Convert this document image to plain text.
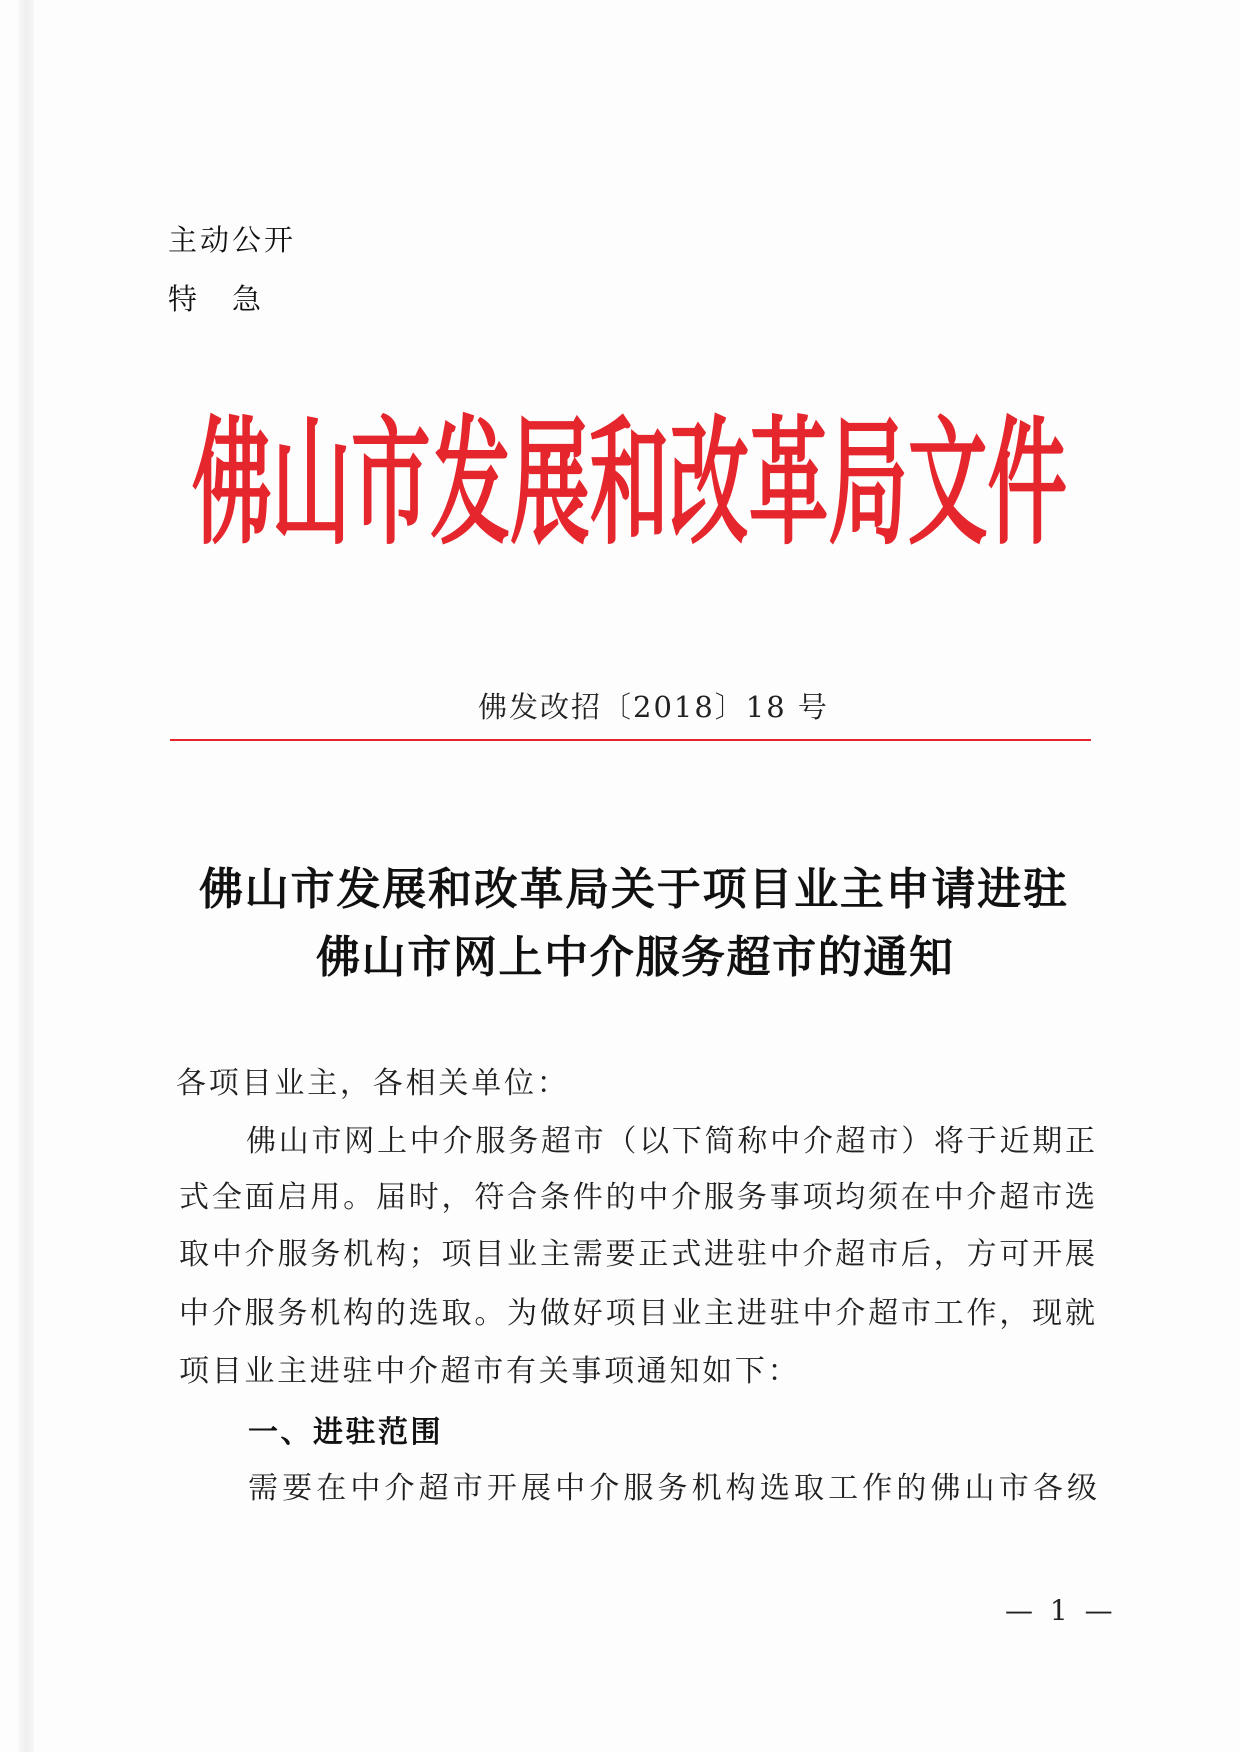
主动公开
特　急
佛山市发展和改革局文件
佛发改招〔2018〕18 号
佛山市发展和改革局关于项目业主申请进驻
佛山市网上中介服务超市的通知
各项目业主，各相关单位：
佛山市网上中介服务超市（以下简称中介超市）将于近期正
式全面启用。届时，符合条件的中介服务事项均须在中介超市选
取中介服务机构；项目业主需要正式进驻中介超市后，方可开展
中介服务机构的选取。为做好项目业主进驻中介超市工作，现就
项目业主进驻中介超市有关事项通知如下：
一、进驻范围
需要在中介超市开展中介服务机构选取工作的佛山市各级
— 1 —
